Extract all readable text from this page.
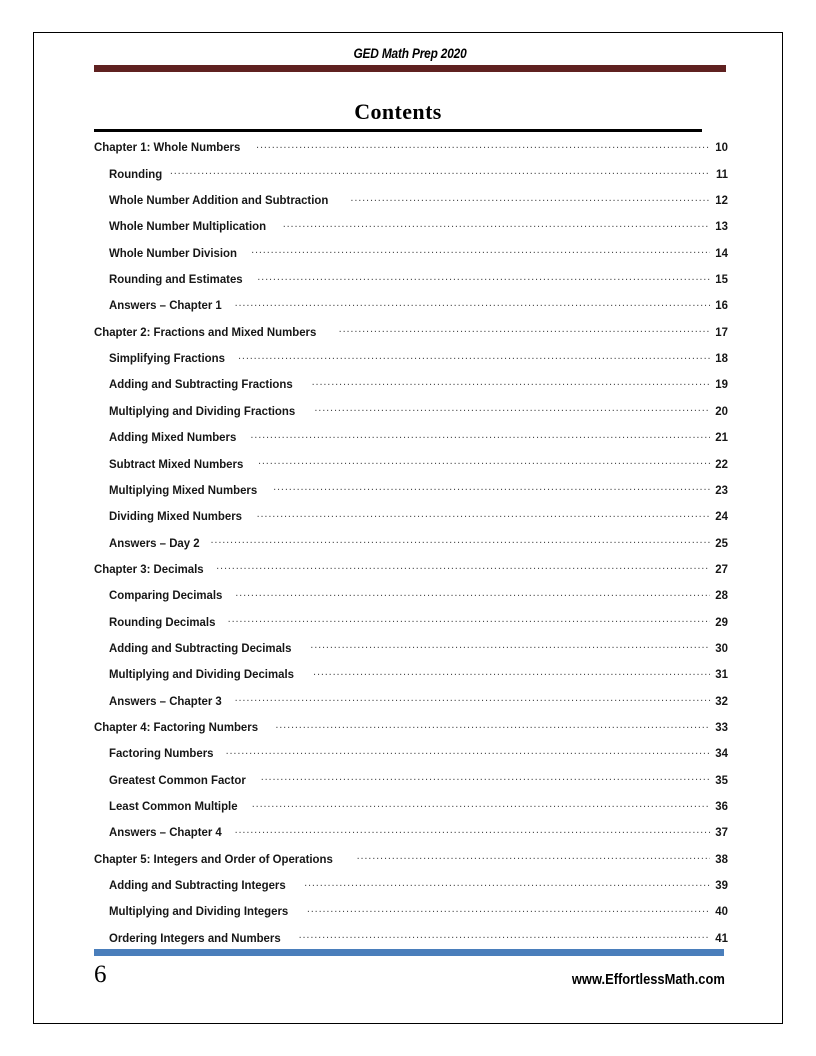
GED Math Prep 2020
Contents
Chapter 1: Whole Numbers . . .	10
Rounding . . .	11
Whole Number Addition and Subtraction . . .	12
Whole Number Multiplication . . .	13
Whole Number Division . . .	14
Rounding and Estimates . . .	15
Answers – Chapter 1 . . .	16
Chapter 2: Fractions and Mixed Numbers . . .	17
Simplifying Fractions . . .	18
Adding and Subtracting Fractions . . .	19
Multiplying and Dividing Fractions . . .	20
Adding Mixed Numbers . . .	21
Subtract Mixed Numbers . . .	22
Multiplying Mixed Numbers . . .	23
Dividing Mixed Numbers . . .	24
Answers – Day 2 . . .	25
Chapter 3: Decimals . . .	27
Comparing Decimals . . .	28
Rounding Decimals . . .	29
Adding and Subtracting Decimals . . .	30
Multiplying and Dividing Decimals . . .	31
Answers – Chapter 3 . . .	32
Chapter 4: Factoring Numbers . . .	33
Factoring Numbers . . .	34
Greatest Common Factor . . .	35
Least Common Multiple . . .	36
Answers – Chapter 4 . . .	37
Chapter 5: Integers and Order of Operations . . .	38
Adding and Subtracting Integers . . .	39
Multiplying and Dividing Integers . . .	40
Ordering Integers and Numbers . . .	41
6	www.EffortlessMath.com
